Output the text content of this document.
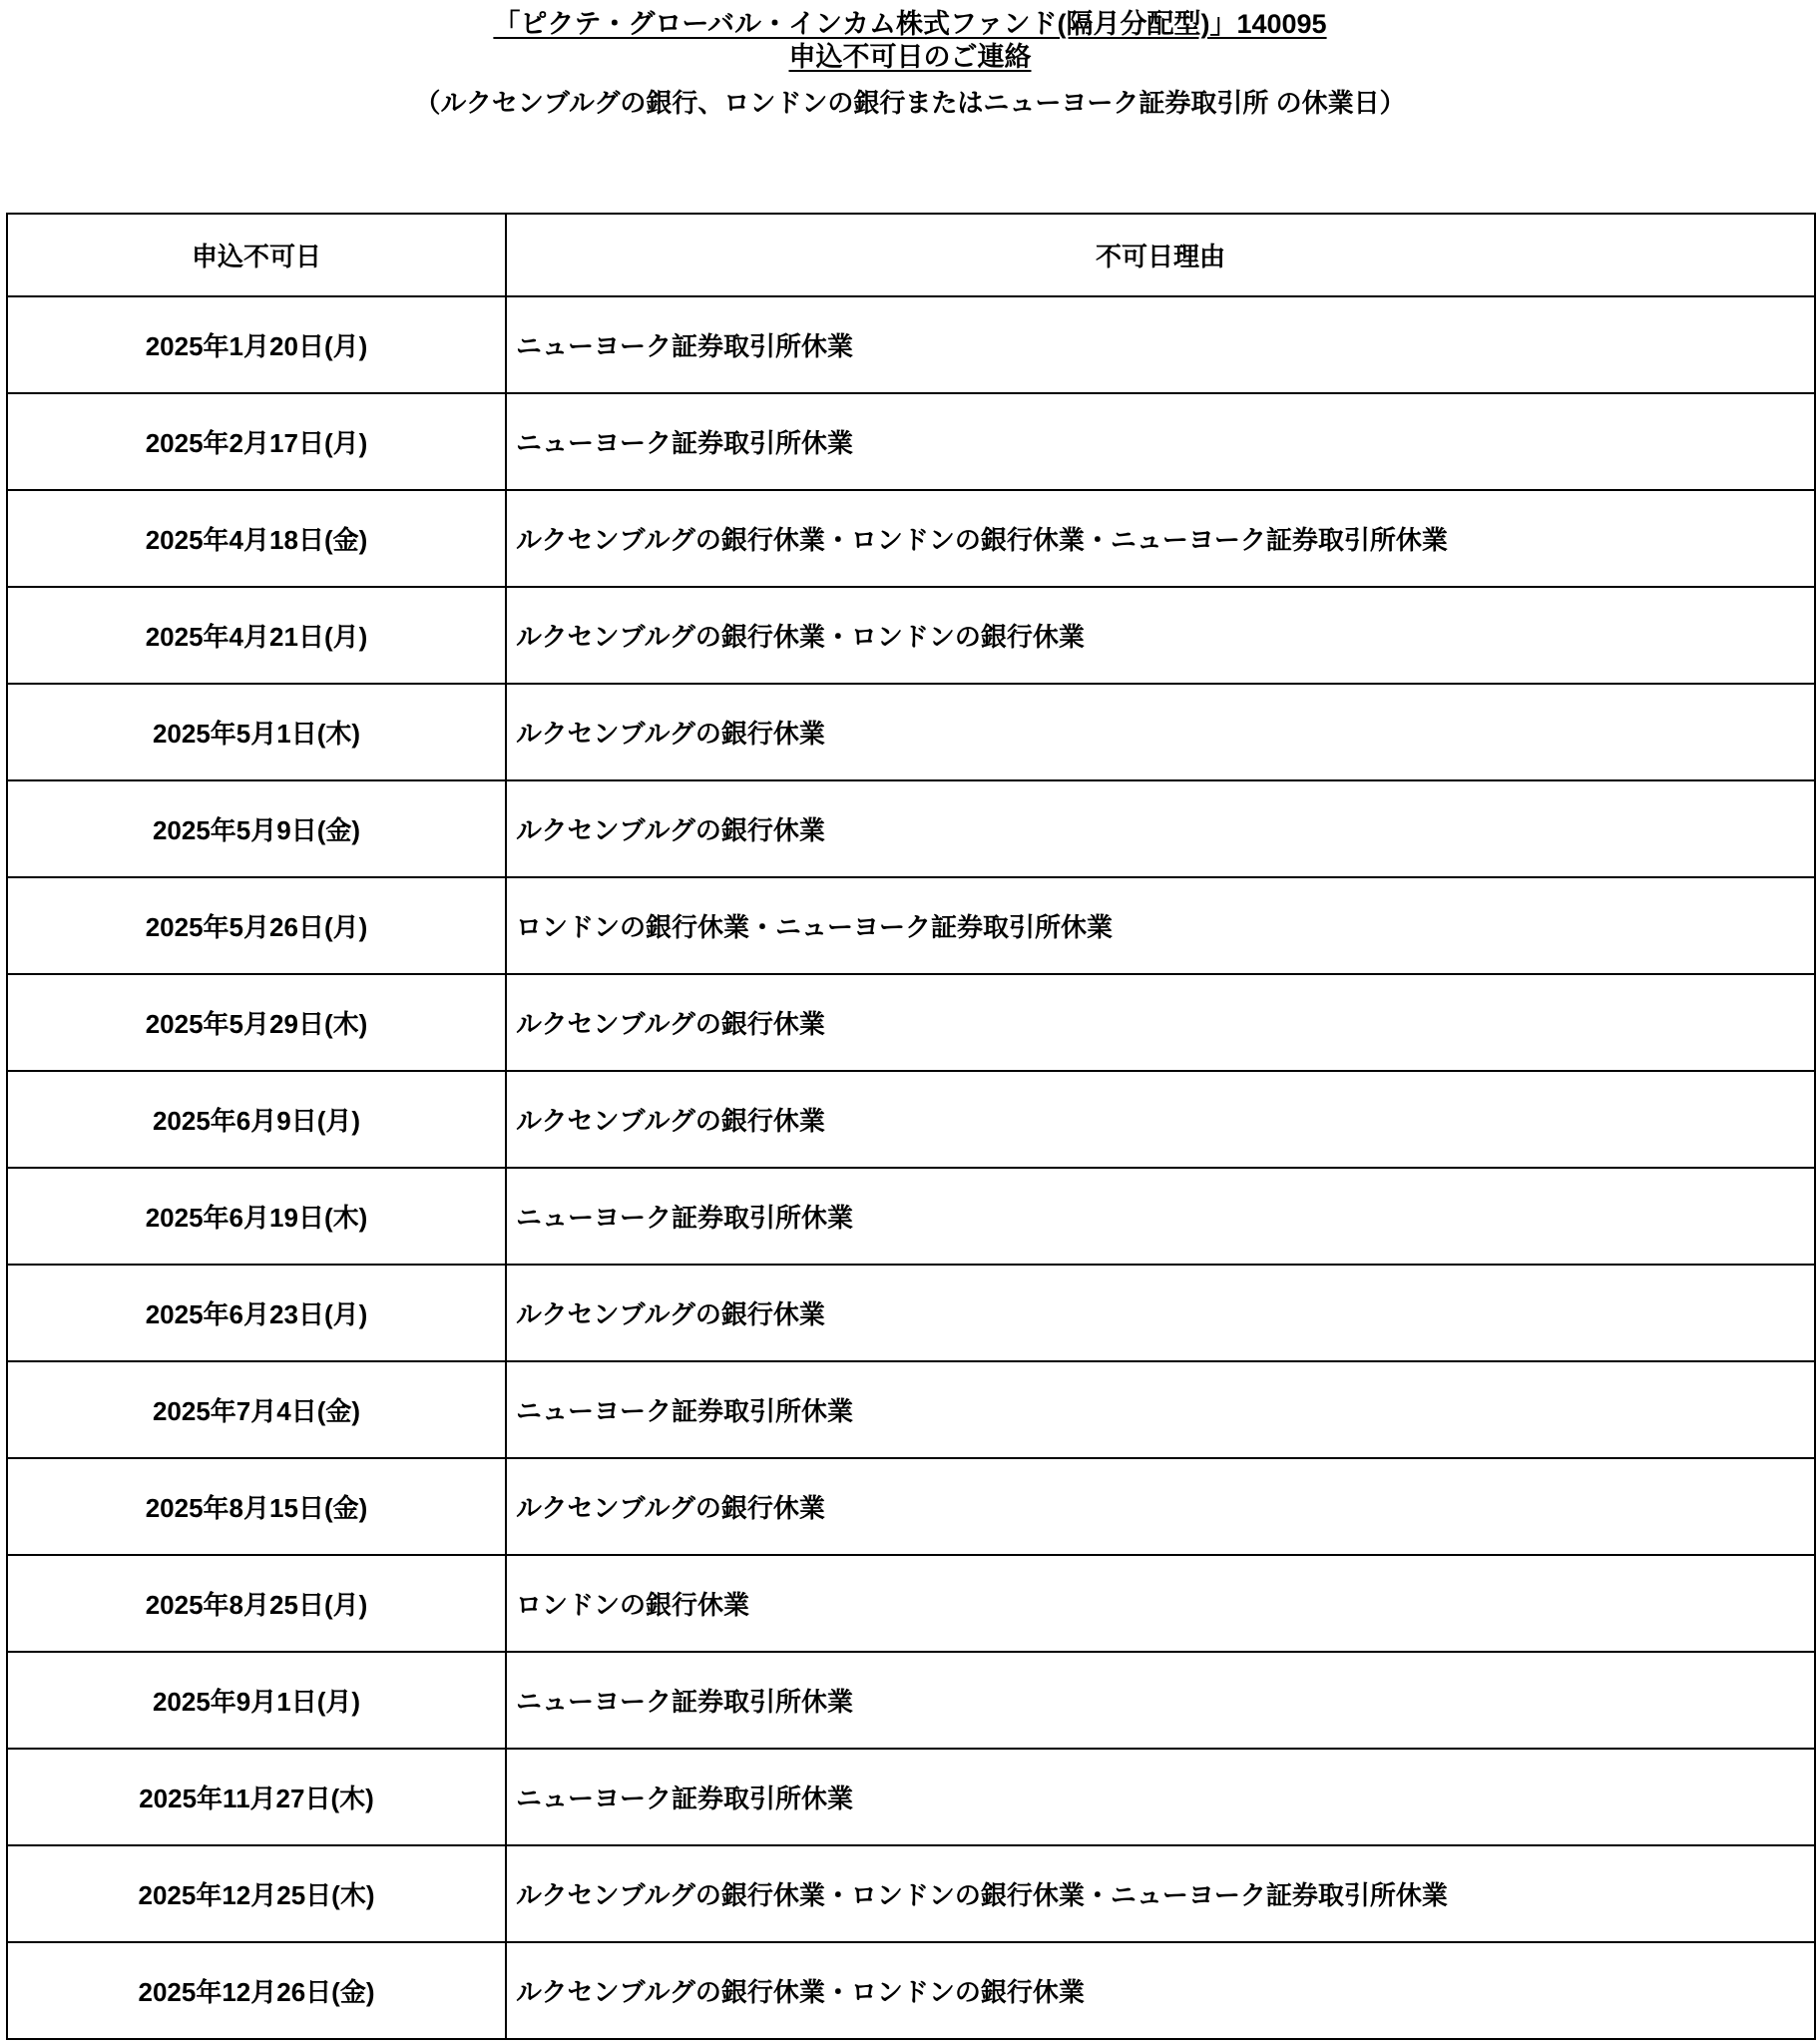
「ピクテ・グローバル・インカム株式ファンド(隔月分配型)」140095
申込不可日のご連絡
（ルクセンブルグの銀行、ロンドンの銀行またはニューヨーク証券取引所 の休業日）
申込不可日	不可日理由
2025年1月20日(月)	ニューヨーク証券取引所休業
2025年2月17日(月)	ニューヨーク証券取引所休業
2025年4月18日(金)	ルクセンブルグの銀行休業・ロンドンの銀行休業・ニューヨーク証券取引所休業
2025年4月21日(月)	ルクセンブルグの銀行休業・ロンドンの銀行休業
2025年5月1日(木)	ルクセンブルグの銀行休業
2025年5月9日(金)	ルクセンブルグの銀行休業
2025年5月26日(月)	ロンドンの銀行休業・ニューヨーク証券取引所休業
2025年5月29日(木)	ルクセンブルグの銀行休業
2025年6月9日(月)	ルクセンブルグの銀行休業
2025年6月19日(木)	ニューヨーク証券取引所休業
2025年6月23日(月)	ルクセンブルグの銀行休業
2025年7月4日(金)	ニューヨーク証券取引所休業
2025年8月15日(金)	ルクセンブルグの銀行休業
2025年8月25日(月)	ロンドンの銀行休業
2025年9月1日(月)	ニューヨーク証券取引所休業
2025年11月27日(木)	ニューヨーク証券取引所休業
2025年12月25日(木)	ルクセンブルグの銀行休業・ロンドンの銀行休業・ニューヨーク証券取引所休業
2025年12月26日(金)	ルクセンブルグの銀行休業・ロンドンの銀行休業
